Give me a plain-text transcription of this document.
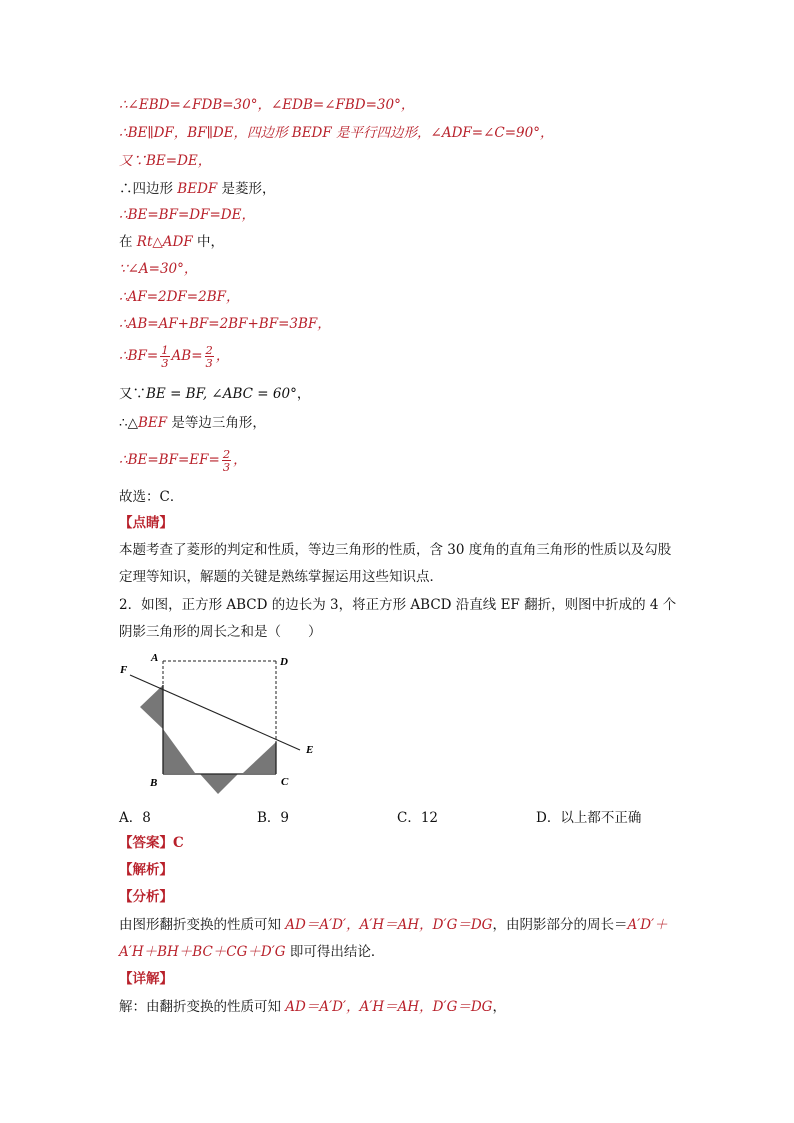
∴∠EBD=∠FDB=30°，∠EDB=∠FBD=30°，
∴BE∥DF，BF∥DE，四边形 BEDF 是平行四边形，∠ADF=∠C=90°，
又∵BE=DE，
∴四边形 BEDF 是菱形，
∴BE=BF=DF=DE，
在 Rt△ADF 中，
∵∠A=30°，
∴AF=2DF=2BF，
∴AB=AF+BF=2BF+BF=3BF，
∴BF= $\frac{1}{3} AB= \frac{2}{3}$ ，
又∵BE = BF, ∠ABC = 60°，
∴△BEF 是等边三角形，
∴BE=BF=EF= $\frac{2}{3}$ ，
故选：C．
【点睛】
本题考查了菱形的判定和性质，等边三角形的性质，含 30 度角的直角三角形的性质以及勾股定理等知识，解题的关键是熟练掌握运用这些知识点．
2．如图，正方形 ABCD 的边长为 3，将正方形 ABCD 沿直线 EF 翻折，则图中折成的 4 个阴影三角形的周长之和是（　　）
A	D
F
E
B	C
A．8	B．9	C．12	D．以上都不正确
【答案】C
【解析】
【分析】
由图形翻折变换的性质可知 AD＝A′D′，A′H＝AH，D′G＝DG，由阴影部分的周长＝A′D′＋A′H＋BH＋BC＋CG＋D′G 即可得出结论．
【详解】
解：由翻折变换的性质可知 AD＝A′D′，A′H＝AH，D′G＝DG，
